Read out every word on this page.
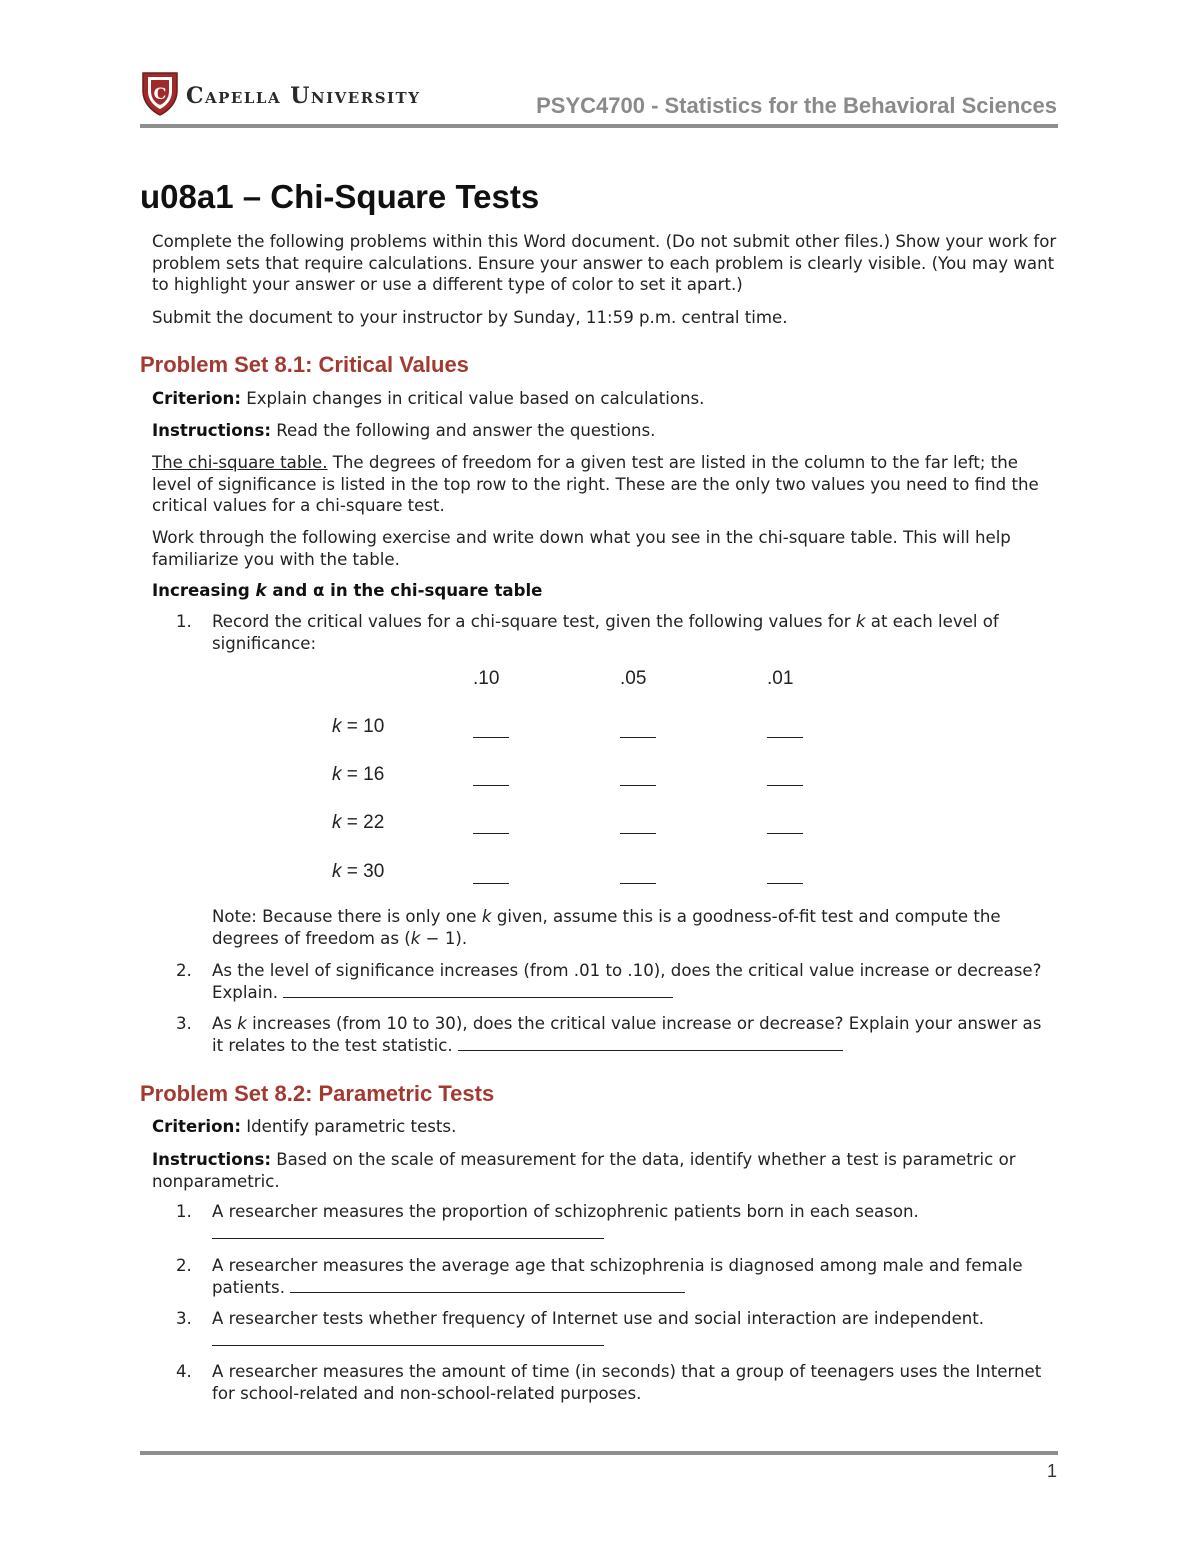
C Capella University	PSYC4700 - Statistics for the Behavioral Sciences
u08a1 – Chi-Square Tests
Complete the following problems within this Word document. (Do not submit other files.) Show your work for problem sets that require calculations. Ensure your answer to each problem is clearly visible. (You may want to highlight your answer or use a different type of color to set it apart.)
Submit the document to your instructor by Sunday, 11:59 p.m. central time.
Problem Set 8.1: Critical Values
Criterion: Explain changes in critical value based on calculations.
Instructions: Read the following and answer the questions.
The chi-square table. The degrees of freedom for a given test are listed in the column to the far left; the level of significance is listed in the top row to the right. These are the only two values you need to find the critical values for a chi-square test.
Work through the following exercise and write down what you see in the chi-square table. This will help familiarize you with the table.
Increasing k and α in the chi-square table
1. Record the critical values for a chi-square test, given the following values for k at each level of significance:
.10	.05	.01
k = 10
k = 16
k = 22
k = 30
Note: Because there is only one k given, assume this is a goodness-of-fit test and compute the degrees of freedom as (k − 1).
2. As the level of significance increases (from .01 to .10), does the critical value increase or decrease? Explain.
3. As k increases (from 10 to 30), does the critical value increase or decrease? Explain your answer as it relates to the test statistic.
Problem Set 8.2: Parametric Tests
Criterion: Identify parametric tests.
Instructions: Based on the scale of measurement for the data, identify whether a test is parametric or nonparametric.
1. A researcher measures the proportion of schizophrenic patients born in each season.

2. A researcher measures the average age that schizophrenia is diagnosed among male and female patients.
3. A researcher tests whether frequency of Internet use and social interaction are independent.

4. A researcher measures the amount of time (in seconds) that a group of teenagers uses the Internet for school-related and non-school-related purposes.
1
